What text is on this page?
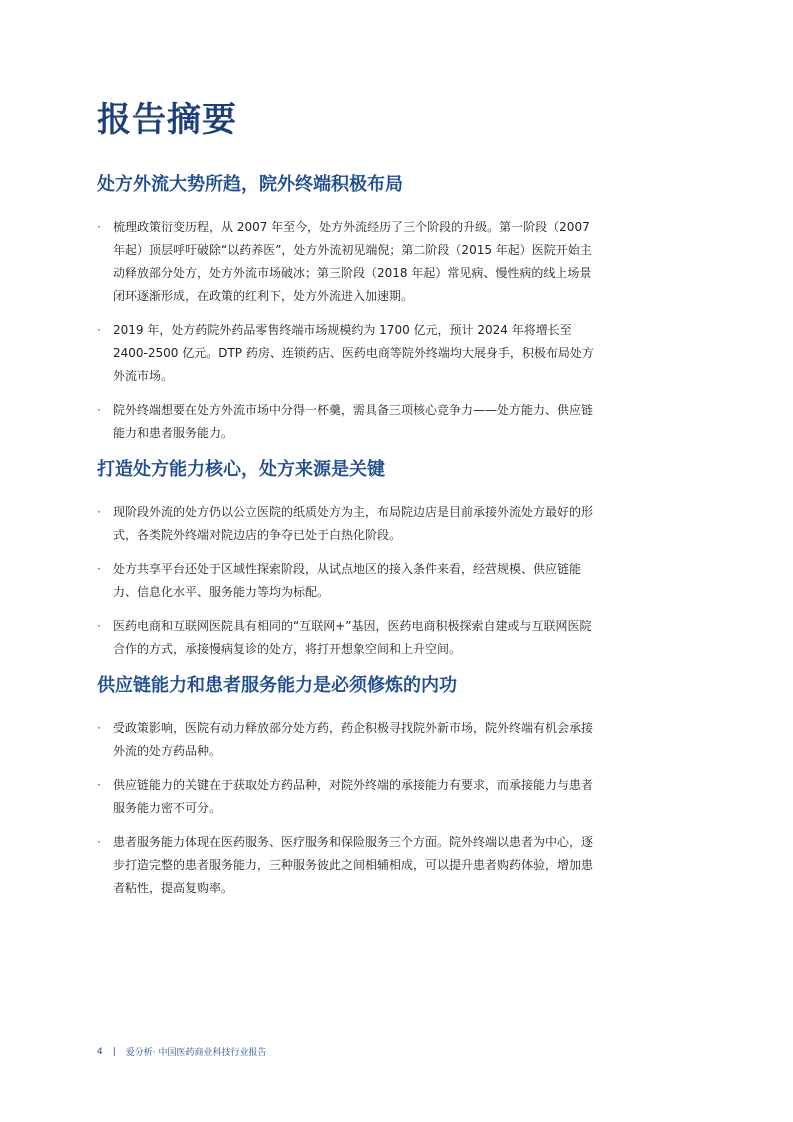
报告摘要
处方外流大势所趋，院外终端积极布局
· 梳理政策衍变历程，从 2007 年至今，处方外流经历了三个阶段的升级。第一阶段（2007 年起）顶层呼吁破除“以药养医”，处方外流初见端倪；第二阶段（2015 年起）医院开始主动释放部分处方，处方外流市场破冰；第三阶段（2018 年起）常见病、慢性病的线上场景闭环逐渐形成，在政策的红利下，处方外流进入加速期。
· 2019 年，处方药院外药品零售终端市场规模约为 1700 亿元，预计 2024 年将增长至 2400-2500 亿元。DTP 药房、连锁药店、医药电商等院外终端均大展身手，积极布局处方外流市场。
· 院外终端想要在处方外流市场中分得一杯羹，需具备三项核心竞争力——处方能力、供应链能力和患者服务能力。
打造处方能力核心，处方来源是关键
· 现阶段外流的处方仍以公立医院的纸质处方为主，布局院边店是目前承接外流处方最好的形式，各类院外终端对院边店的争夺已处于白热化阶段。
· 处方共享平台还处于区域性探索阶段，从试点地区的接入条件来看，经营规模、供应链能力、信息化水平、服务能力等均为标配。
· 医药电商和互联网医院具有相同的“互联网+”基因，医药电商积极探索自建或与互联网医院合作的方式，承接慢病复诊的处方，将打开想象空间和上升空间。
供应链能力和患者服务能力是必须修炼的内功
· 受政策影响，医院有动力释放部分处方药，药企积极寻找院外新市场，院外终端有机会承接外流的处方药品种。
· 供应链能力的关键在于获取处方药品种，对院外终端的承接能力有要求，而承接能力与患者服务能力密不可分。
· 患者服务能力体现在医药服务、医疗服务和保险服务三个方面。院外终端以患者为中心，逐步打造完整的患者服务能力，三种服务彼此之间相辅相成，可以提升患者购药体验，增加患者粘性，提高复购率。
4 | 爱分析· 中国医药商业科技行业报告
